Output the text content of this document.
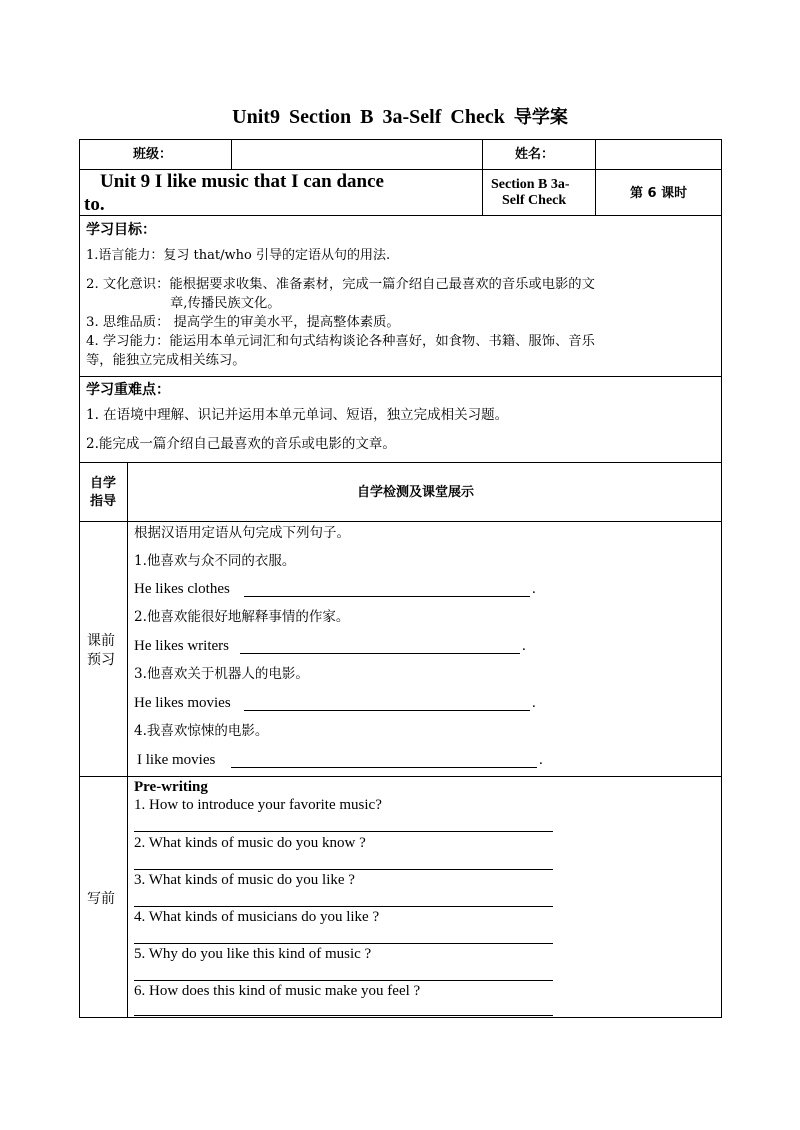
Unit9 Section B 3a-Self Check 导学案
班级：	姓名：
Unit 9 I like music that I can dance
to.
Section B 3a-
Self Check	第 6 课时
学习目标：
1.语言能力：复习 that/who 引导的定语从句的用法.
2. 文化意识：能根据要求收集、准备素材，完成一篇介绍自己最喜欢的音乐或电影的文
章,传播民族文化。
3. 思维品质： 提高学生的审美水平，提高整体素质。
4. 学习能力：能运用本单元词汇和句式结构谈论各种喜好，如食物、书籍、服饰、音乐
等，能独立完成相关练习。
学习重难点：
1. 在语境中理解、识记并运用本单元单词、短语，独立完成相关习题。
2.能完成一篇介绍自己最喜欢的音乐或电影的文章。
自学
指导
自学检测及课堂展示
课前
预习
根据汉语用定语从句完成下列句子。
1.他喜欢与众不同的衣服。
He likes clothes	.
2.他喜欢能很好地解释事情的作家。
He likes writers	.
3.他喜欢关于机器人的电影。
He likes movies	.
4.我喜欢惊悚的电影。
I like movies	.
写前
Pre-writing
1. How to introduce your favorite music?
2. What kinds of music do you know ?
3. What kinds of music do you like ?
4. What kinds of musicians do you like ?
5. Why do you like this kind of music ?
6. How does this kind of music make you feel ?
